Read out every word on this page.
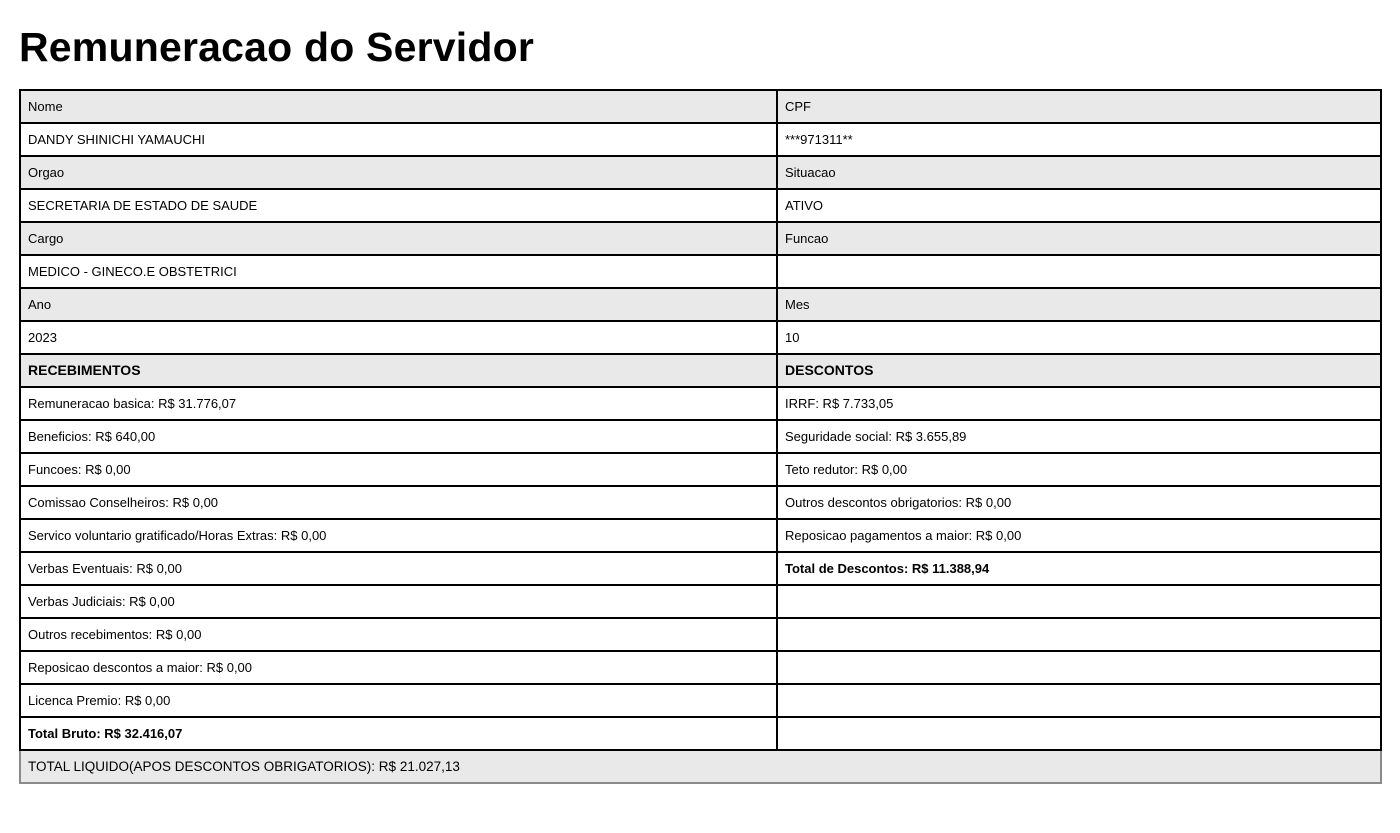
Remuneracao do Servidor
Nome	CPF
DANDY SHINICHI YAMAUCHI	***971311**
Orgao	Situacao
SECRETARIA DE ESTADO DE SAUDE	ATIVO
Cargo	Funcao
MEDICO - GINECO.E OBSTETRICI	
Ano	Mes
2023	10
RECEBIMENTOS	DESCONTOS
Remuneracao basica: R$ 31.776,07	IRRF: R$ 7.733,05
Beneficios: R$ 640,00	Seguridade social: R$ 3.655,89
Funcoes: R$ 0,00	Teto redutor: R$ 0,00
Comissao Conselheiros: R$ 0,00	Outros descontos obrigatorios: R$ 0,00
Servico voluntario gratificado/Horas Extras: R$ 0,00	Reposicao pagamentos a maior: R$ 0,00
Verbas Eventuais: R$ 0,00	Total de Descontos: R$ 11.388,94
Verbas Judiciais: R$ 0,00	
Outros recebimentos: R$ 0,00	
Reposicao descontos a maior: R$ 0,00	
Licenca Premio: R$ 0,00	
Total Bruto: R$ 32.416,07	
TOTAL LIQUIDO(APOS DESCONTOS OBRIGATORIOS): R$ 21.027,13	
